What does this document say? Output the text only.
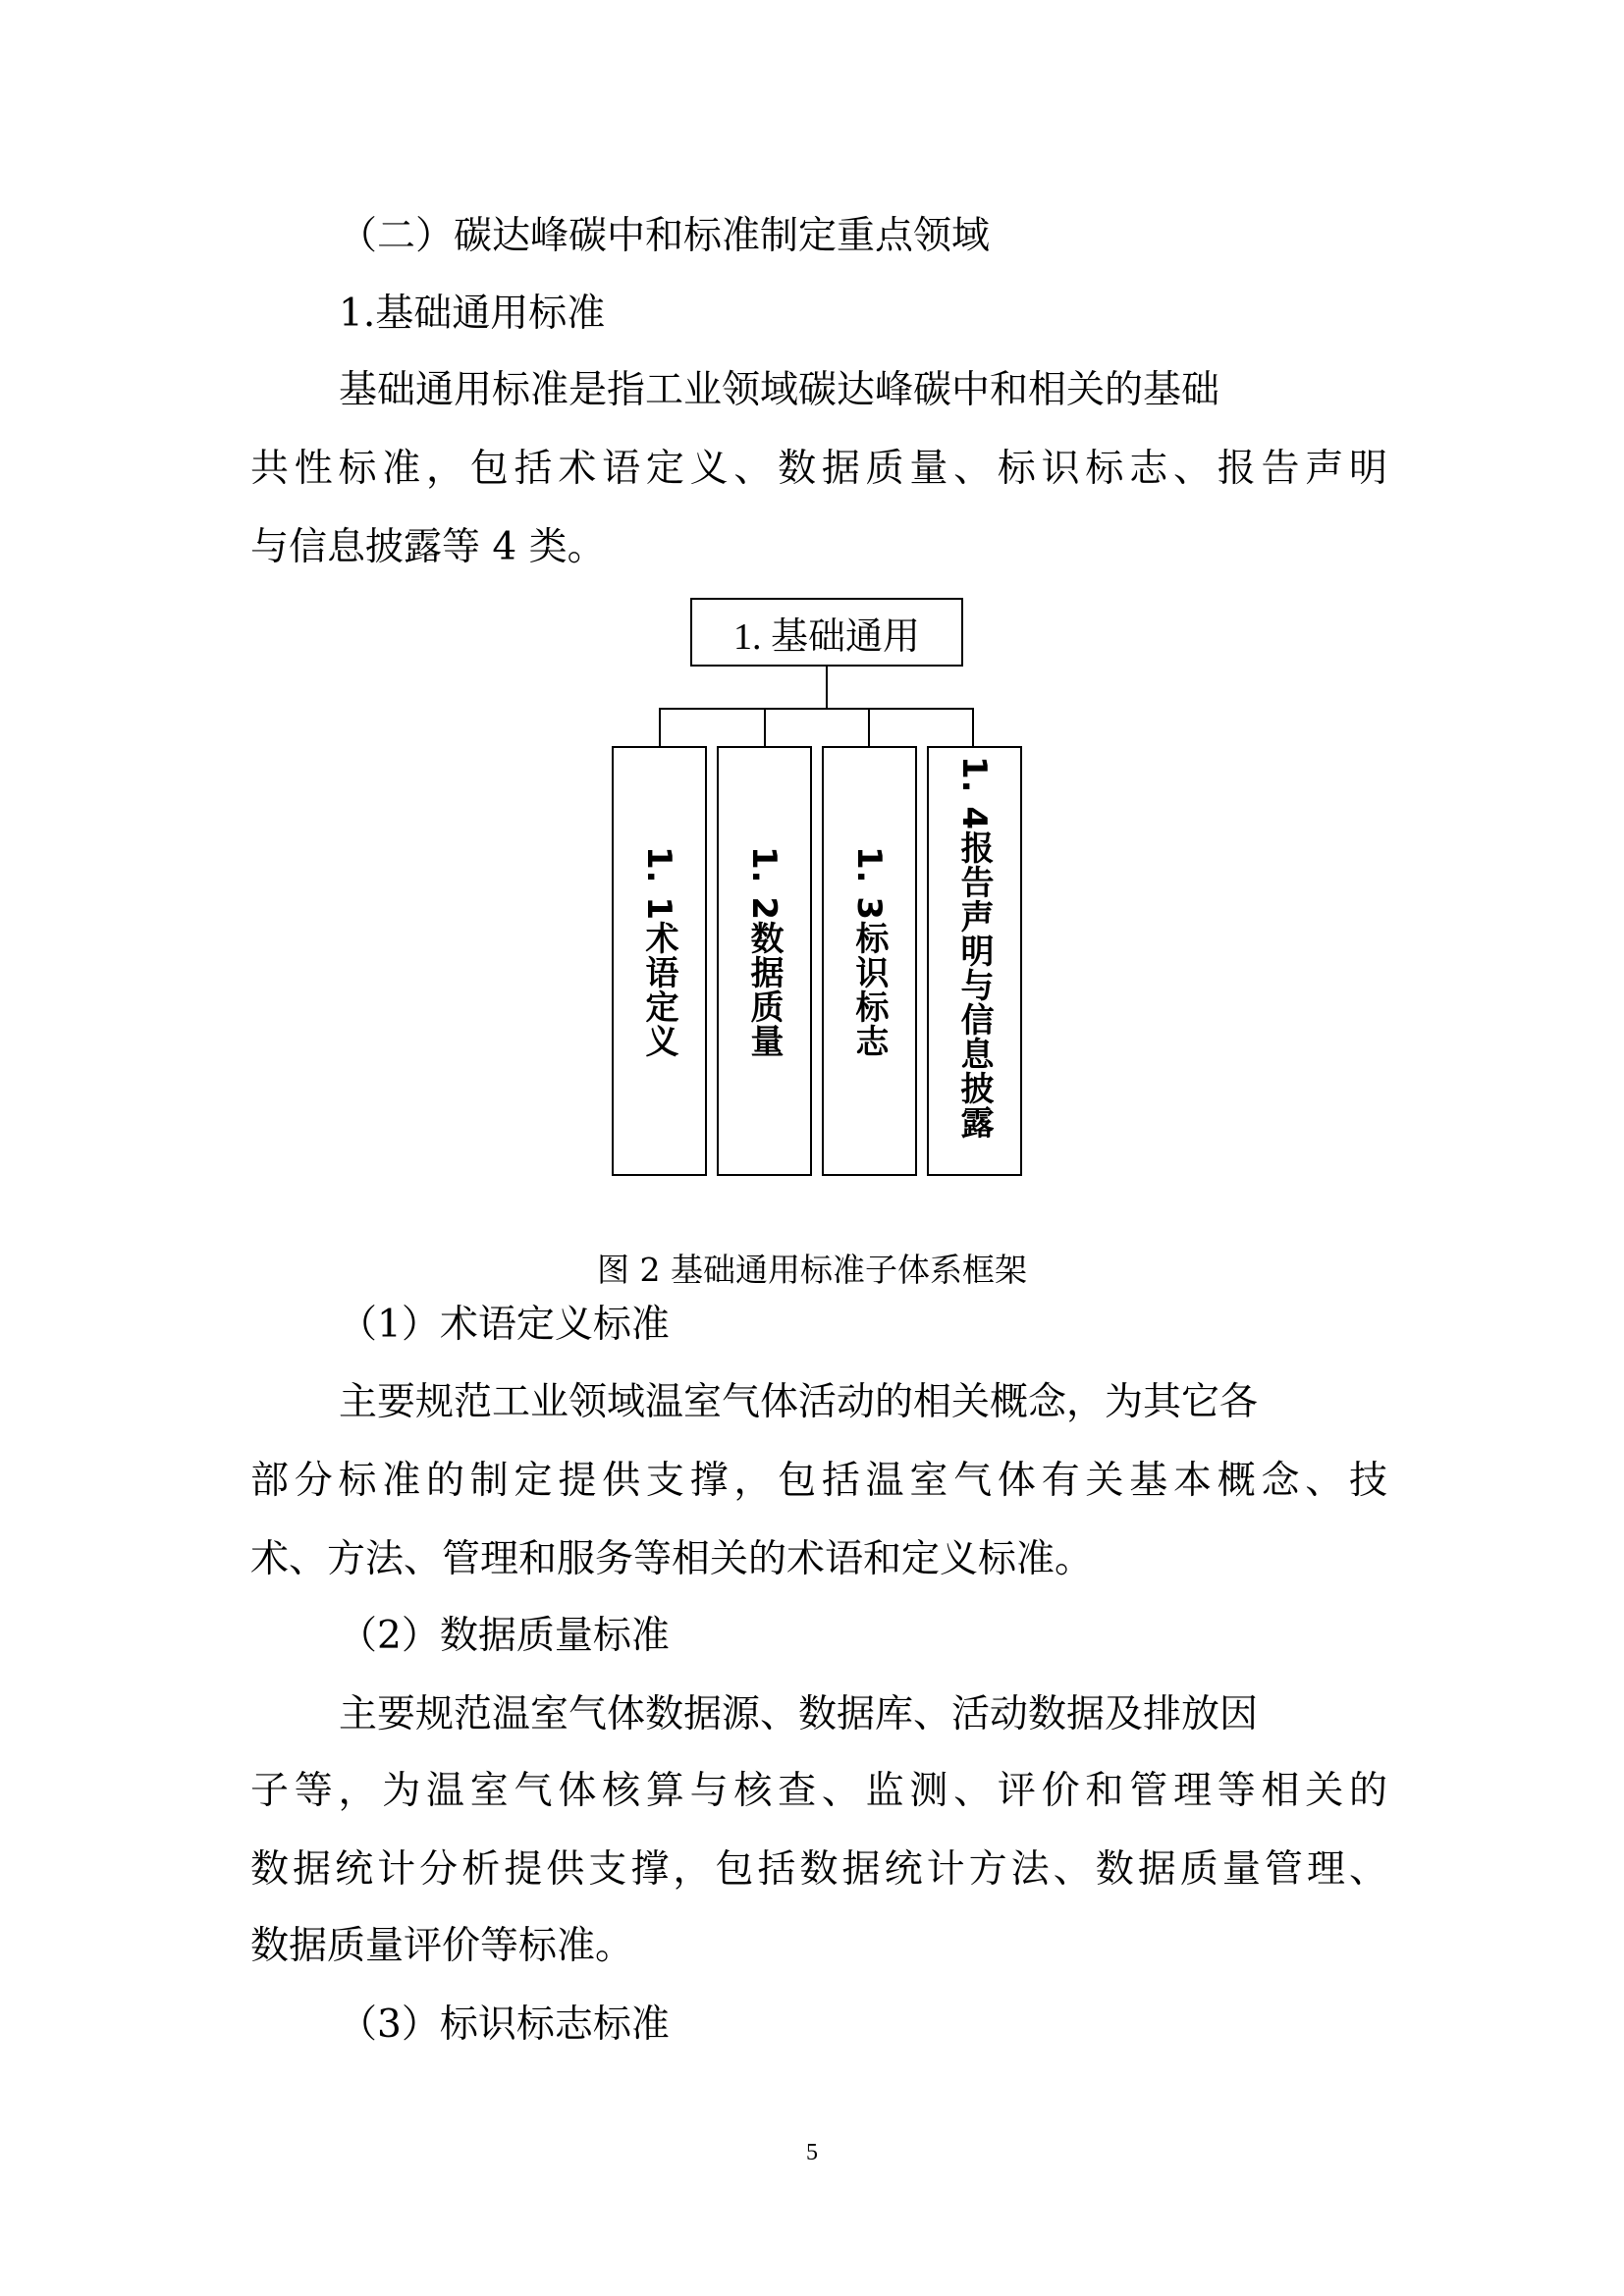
（二）碳达峰碳中和标准制定重点领域

1.基础通用标准

基础通用标准是指工业领域碳达峰碳中和相关的基础

共性标准，包括术语定义、数据质量、标识标志、报告声明

与信息披露等 4 类。

1. 基础通用
1. 1术语定义 1. 2数据质量 1. 3标识标志 1. 4报告声明与信息披露

图 2 基础通用标准子体系框架

（1）术语定义标准

主要规范工业领域温室气体活动的相关概念，为其它各

部分标准的制定提供支撑，包括温室气体有关基本概念、技

术、方法、管理和服务等相关的术语和定义标准。

（2）数据质量标准

主要规范温室气体数据源、数据库、活动数据及排放因

子等，为温室气体核算与核查、监测、评价和管理等相关的

数据统计分析提供支撑，包括数据统计方法、数据质量管理、

数据质量评价等标准。

（3）标识标志标准

5
